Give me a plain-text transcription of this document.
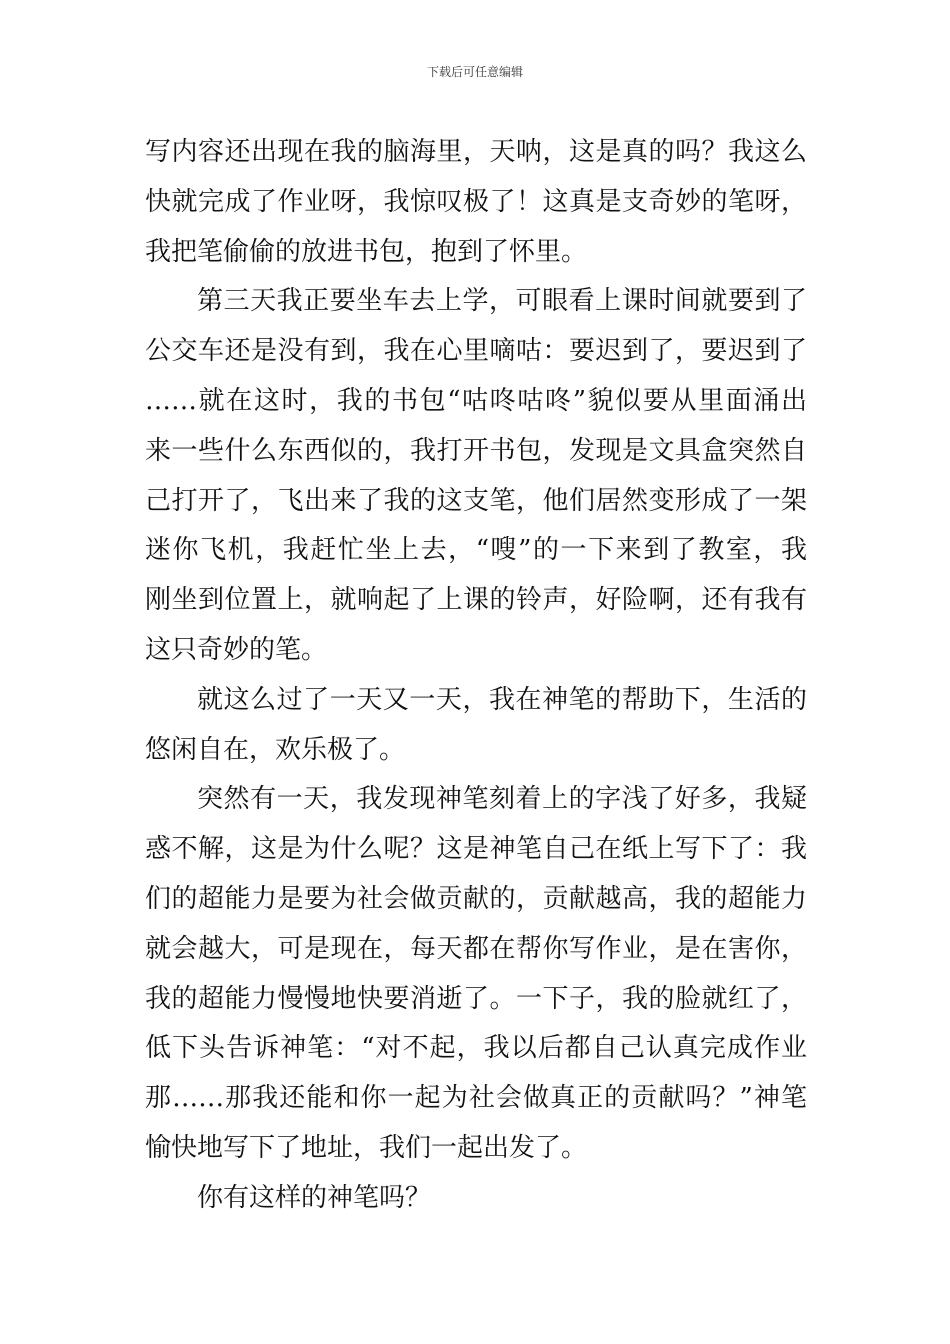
下载后可任意编辑
写内容还出现在我的脑海里，天呐，这是真的吗？我这么
快就完成了作业呀，我惊叹极了！这真是支奇妙的笔呀，
我把笔偷偷的放进书包，抱到了怀里。
第三天我正要坐车去上学，可眼看上课时间就要到了
公交车还是没有到，我在心里嘀咕：要迟到了，要迟到了
……就在这时，我的书包“咕咚咕咚”貌似要从里面涌出
来一些什么东西似的，我打开书包，发现是文具盒突然自
己打开了，飞出来了我的这支笔，他们居然变形成了一架
迷你飞机，我赶忙坐上去，“嗖”的一下来到了教室，我
刚坐到位置上，就响起了上课的铃声，好险啊，还有我有
这只奇妙的笔。
就这么过了一天又一天，我在神笔的帮助下，生活的
悠闲自在，欢乐极了。
突然有一天，我发现神笔刻着上的字浅了好多，我疑
惑不解，这是为什么呢？这是神笔自己在纸上写下了：我
们的超能力是要为社会做贡献的，贡献越高，我的超能力
就会越大，可是现在，每天都在帮你写作业，是在害你，
我的超能力慢慢地快要消逝了。一下子，我的脸就红了，
低下头告诉神笔：“对不起，我以后都自己认真完成作业
那……那我还能和你一起为社会做真正的贡献吗？”神笔
愉快地写下了地址，我们一起出发了。
你有这样的神笔吗？
